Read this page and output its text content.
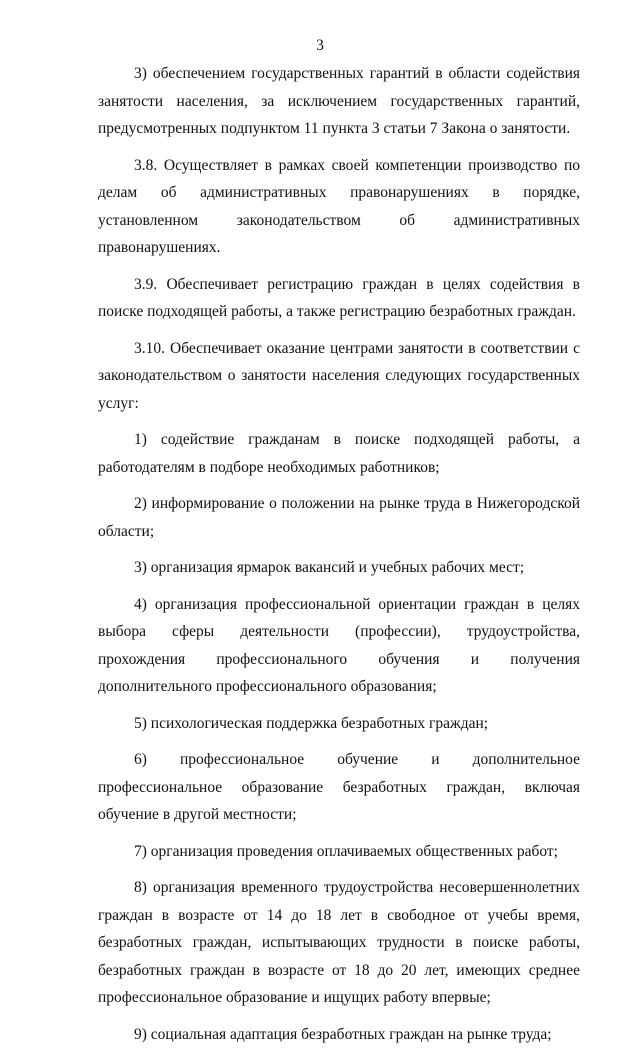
3

3) обеспечением государственных гарантий в области содействия занятости населения, за исключением государственных гарантий, предусмотренных подпунктом 11 пункта 3 статьи 7 Закона о занятости.

3.8. Осуществляет в рамках своей компетенции производство по делам об административных правонарушениях в порядке, установленном законодательством об административных правонарушениях.

3.9. Обеспечивает регистрацию граждан в целях содействия в поиске подходящей работы, а также регистрацию безработных граждан.

3.10. Обеспечивает оказание центрами занятости в соответствии с законодательством о занятости населения следующих государственных услуг:

1) содействие гражданам в поиске подходящей работы, а работодателям в подборе необходимых работников;

2) информирование о положении на рынке труда в Нижегородской области;

3) организация ярмарок вакансий и учебных рабочих мест;

4) организация профессиональной ориентации граждан в целях выбора сферы деятельности (профессии), трудоустройства, прохождения профессионального обучения и получения дополнительного профессионального образования;

5) психологическая поддержка безработных граждан;

6) профессиональное обучение и дополнительное профессиональное образование безработных граждан, включая обучение в другой местности;

7) организация проведения оплачиваемых общественных работ;

8) организация временного трудоустройства несовершеннолетних граждан в возрасте от 14 до 18 лет в свободное от учебы время, безработных граждан, испытывающих трудности в поиске работы, безработных граждан в возрасте от 18 до 20 лет, имеющих среднее профессиональное образование и ищущих работу впервые;

9) социальная адаптация безработных граждан на рынке труда;
